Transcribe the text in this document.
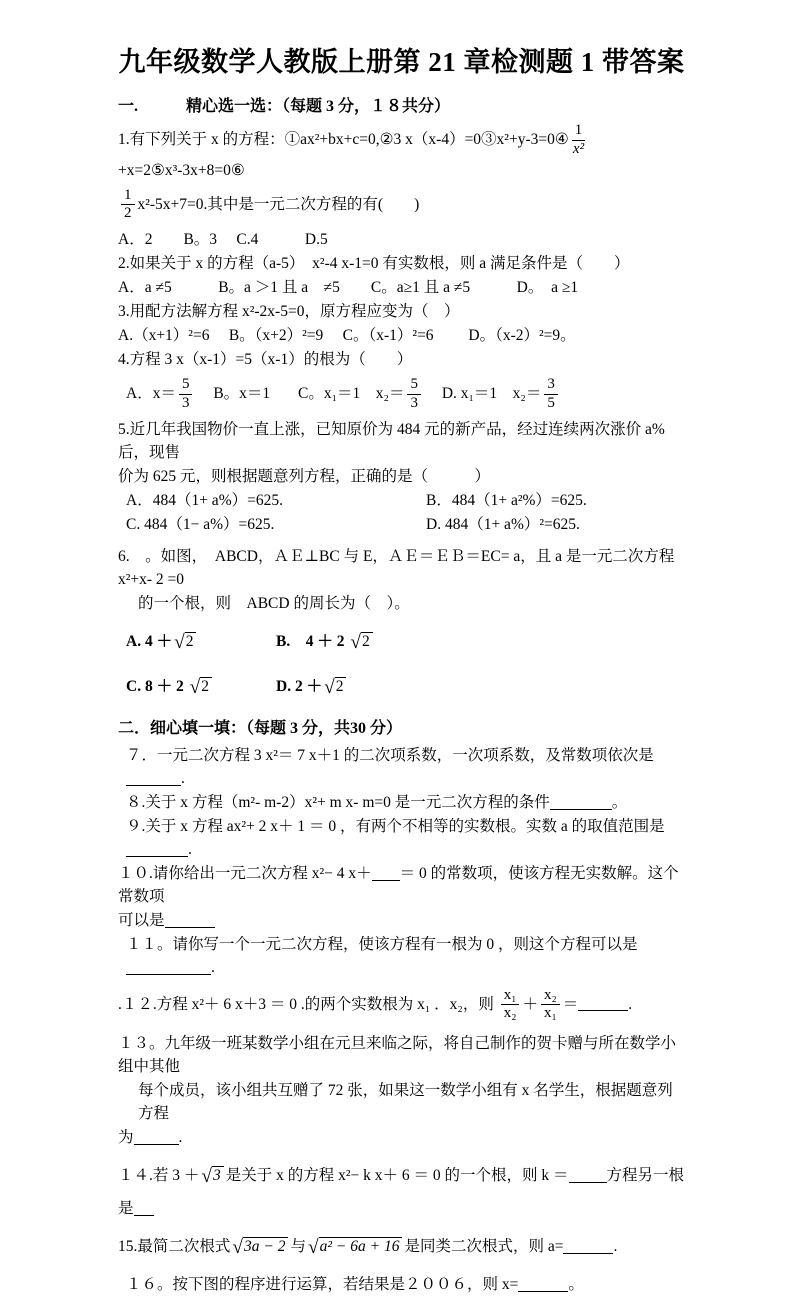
九年级数学人教版上册第 21 章检测题 1 带答案
一.	精心选一选：（每题 3 分，１８共分）
1.有下列关于 x 的方程：①ax²+bx+c=0,②3 x（x-4）=0③x²+y-3=0④ $\frac{1}{\text{x²}}$
+x=2⑤x³-3x+8=0⑥
$\frac{1}{2} x^2-5x+7=0$.其中是一元二次方程的有(　　)
A．2　　B。3　 C.4　　　D.5
2.如果关于 x 的方程（a-5）　x²-4 x-1=0 有实数根，则 a 满足条件是（　　）
A．a ≠5　　　B。a ＞1 且 a　≠5　　C。a≥1 且 a ≠5　　　D。　a ≥1
3.用配方法解方程 x²-2x-5=0，原方程应变为（　）
A.（x+1）²=6　 B。（x+2）²=9　 C。（x-1）²=6　　 D。（x-2）²=9。
4.方程 3 x（x-1）=5（x-1）的根为（　　）
A．$x= \frac{5}{3}$ B。x＝1 C。x₁＝1　$x_2= \frac{5}{3} D$. x₁＝1　$x_2= \frac{3}{5}$
5.近几年我国物价一直上涨，已知原价为 484 元的新产品，经过连续两次涨价 a%后，现售
价为 625 元，则根据题意列方程，正确的是（　　　）
A．484（1+ a%）=625.	B．484（1+ a²%）=625.
C. 484（1− a%）=625.	D. 484（1+ a%）²=625.
6.　。如图，　ABCD，ＡＥ⊥BC 与 E，ＡＥ＝ＥＢ＝EC= a，且 a 是一元二次方程 x²+x- 2 =0
的一个根，则　ABCD 的周长为（　）。
A. 4 ＋ √2	B.　4 ＋ 2 √2
C. 8 ＋ 2 √2	D. 2 ＋ √2
二．细心填一填：（每题 3 分，共30 分）
７．一元二次方程 3 x²＝ 7 x＋1 的二次项系数，一次项系数，及常数项依次是.
８.关于 x 方程（m²- m-2）x²+ m x- m=0 是一元二次方程的条件	。
９.关于 x 方程 ax²+ 2 x＋ 1 ＝ 0 ，有两个不相等的实数根。实数 a 的取值范围是.
１０.请你给出一元二次方程 x²− 4 x＋ ＝ 0 的常数项，使该方程无实数解。这个常数项
可以是
１１。请你写一个一元二次方程，使该方程有一根为 0 ，则这个方程可以是.
.１２.方程 x²＋ 6 x＋3 ＝ 0 .的两个实数根为 x₁ ．x₂，则 $\frac{\text{x₁}}{\text{x₂}} + \frac{\text{x₂}}{\text{x₁}}$ ＝	.
１３。九年级一班某数学小组在元旦来临之际，将自己制作的贺卡赠与所在数学小组中其他
每个成员，该小组共互赠了 72 张，如果这一数学小组有 x 名学生，根据题意列方程
为	.
１４.若 3 ＋ √3 是关于 x 的方程 x²− k x＋ 6 ＝ 0 的一个根，则 k ＝ 方程另一根
是
15.最简二次根式 √3a − 2 与 √a² − 6a + 16 是同类二次根式，则 a=	.
１６。按下图的程序进行运算，若结果是２００６，则 x=	。
